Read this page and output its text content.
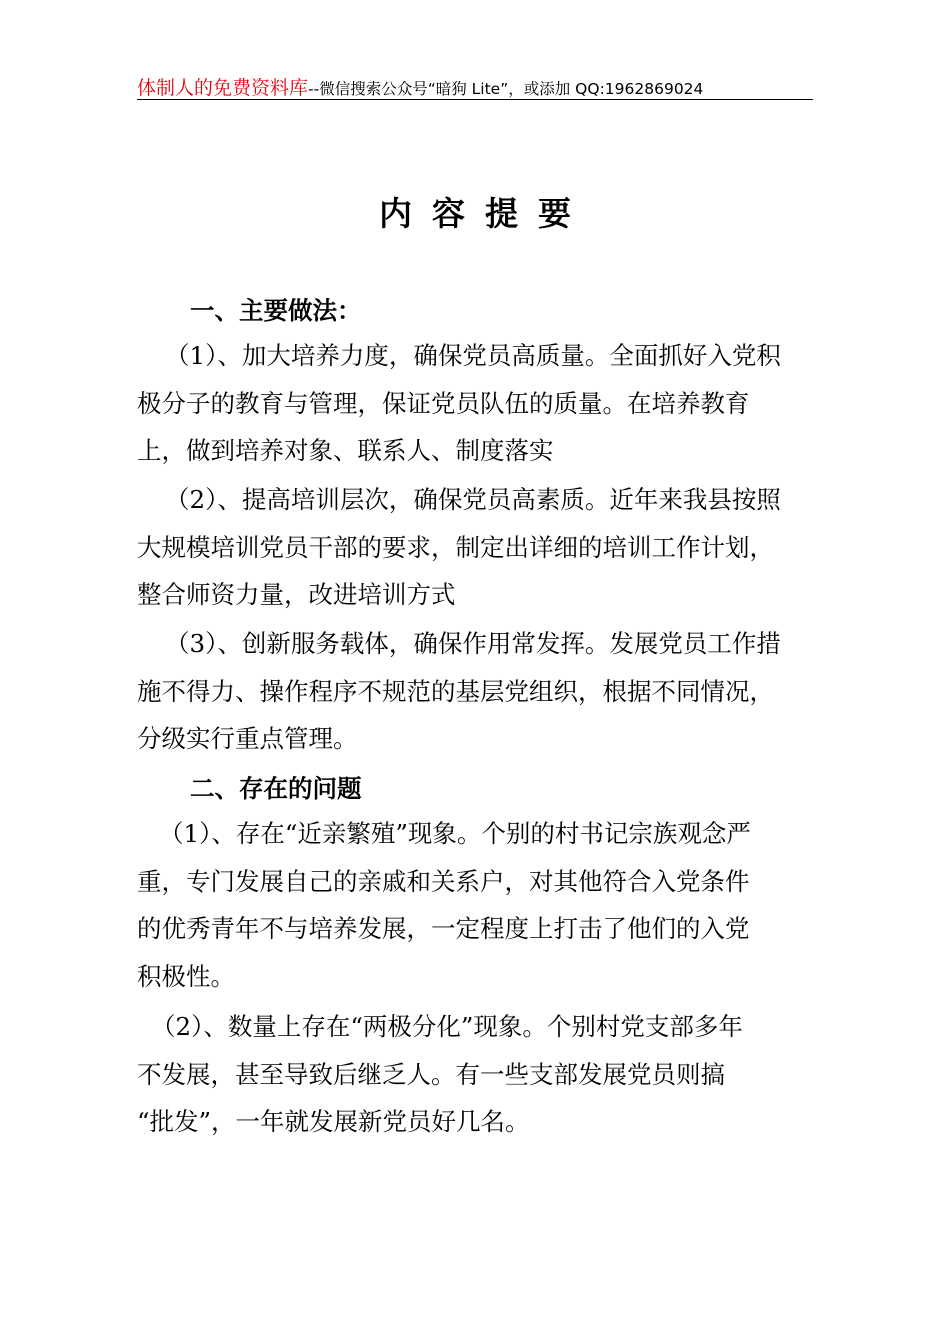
体制人的免费资料库--微信搜索公众号“暗狗 Lite”，或添加 QQ:1962869024
内容提要
一、主要做法：

（1）、加大培养力度，确保党员高质量。全面抓好入党积
极分子的教育与管理，保证党员队伍的质量。在培养教育
上，做到培养对象、联系人、制度落实

（2）、提高培训层次，确保党员高素质。近年来我县按照
大规模培训党员干部的要求，制定出详细的培训工作计划，
整合师资力量，改进培训方式

（3）、创新服务载体，确保作用常发挥。发展党员工作措
施不得力、操作程序不规范的基层党组织，根据不同情况，
分级实行重点管理。

二、存在的问题

（1）、存在“近亲繁殖”现象。个别的村书记宗族观念严
重，专门发展自己的亲戚和关系户，对其他符合入党条件
的优秀青年不与培养发展，一定程度上打击了他们的入党
积极性。

（2）、数量上存在“两极分化”现象。个别村党支部多年
不发展，甚至导致后继乏人。有一些支部发展党员则搞
“批发”，一年就发展新党员好几名。
